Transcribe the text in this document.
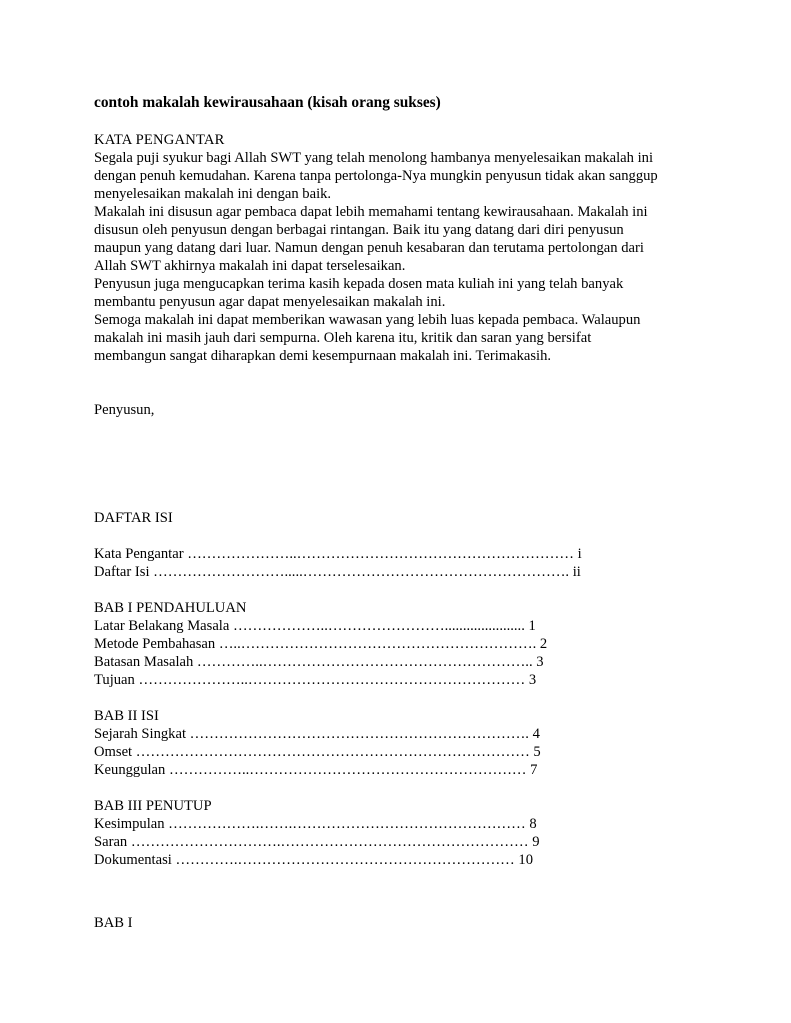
contoh makalah kewirausahaan (kisah orang sukses)

KATA PENGANTAR

Segala puji syukur bagi Allah SWT yang telah menolong hambanya menyelesaikan makalah ini
dengan penuh kemudahan. Karena tanpa pertolonga-Nya mungkin penyusun tidak akan sanggup
menyelesaikan makalah ini dengan baik.

Makalah ini disusun agar pembaca dapat lebih memahami tentang kewirausahaan. Makalah ini
disusun oleh penyusun dengan berbagai rintangan. Baik itu yang datang dari diri penyusun
maupun yang datang dari luar. Namun dengan penuh kesabaran dan terutama pertolongan dari
Allah SWT akhirnya makalah ini dapat terselesaikan.

Penyusun juga mengucapkan terima kasih kepada dosen mata kuliah ini yang telah banyak
membantu penyusun agar dapat menyelesaikan makalah ini.

Semoga makalah ini dapat memberikan wawasan yang lebih luas kepada pembaca. Walaupun
makalah ini masih jauh dari sempurna. Oleh karena itu, kritik dan saran yang bersifat
membangun sangat diharapkan demi kesempurnaan makalah ini. Terimakasih.

Penyusun,

DAFTAR ISI

Kata Pengantar …………………..………………………………………………… i

Daftar Isi ……………………….....………………………………………………. ii

BAB I PENDAHULUAN

Latar Belakang Masala ………………..……………………...................... 1

Metode Pembahasan …..……………………………………………………. 2

Batasan Masalah …………..……………………………………………….. 3

Tujuan …………………..………………………………………………… 3

BAB II ISI

Sejarah Singkat ……………………………………………………………. 4

Omset ……………………………………………………………………… 5

Keunggulan ……………..………………………………………………… 7

BAB III PENUTUP

Kesimpulan ……………….…….………………………………………… 8

Saran ………………………….…………………………………………… 9

Dokumentasi ………….………………………………………………… 10

BAB I
